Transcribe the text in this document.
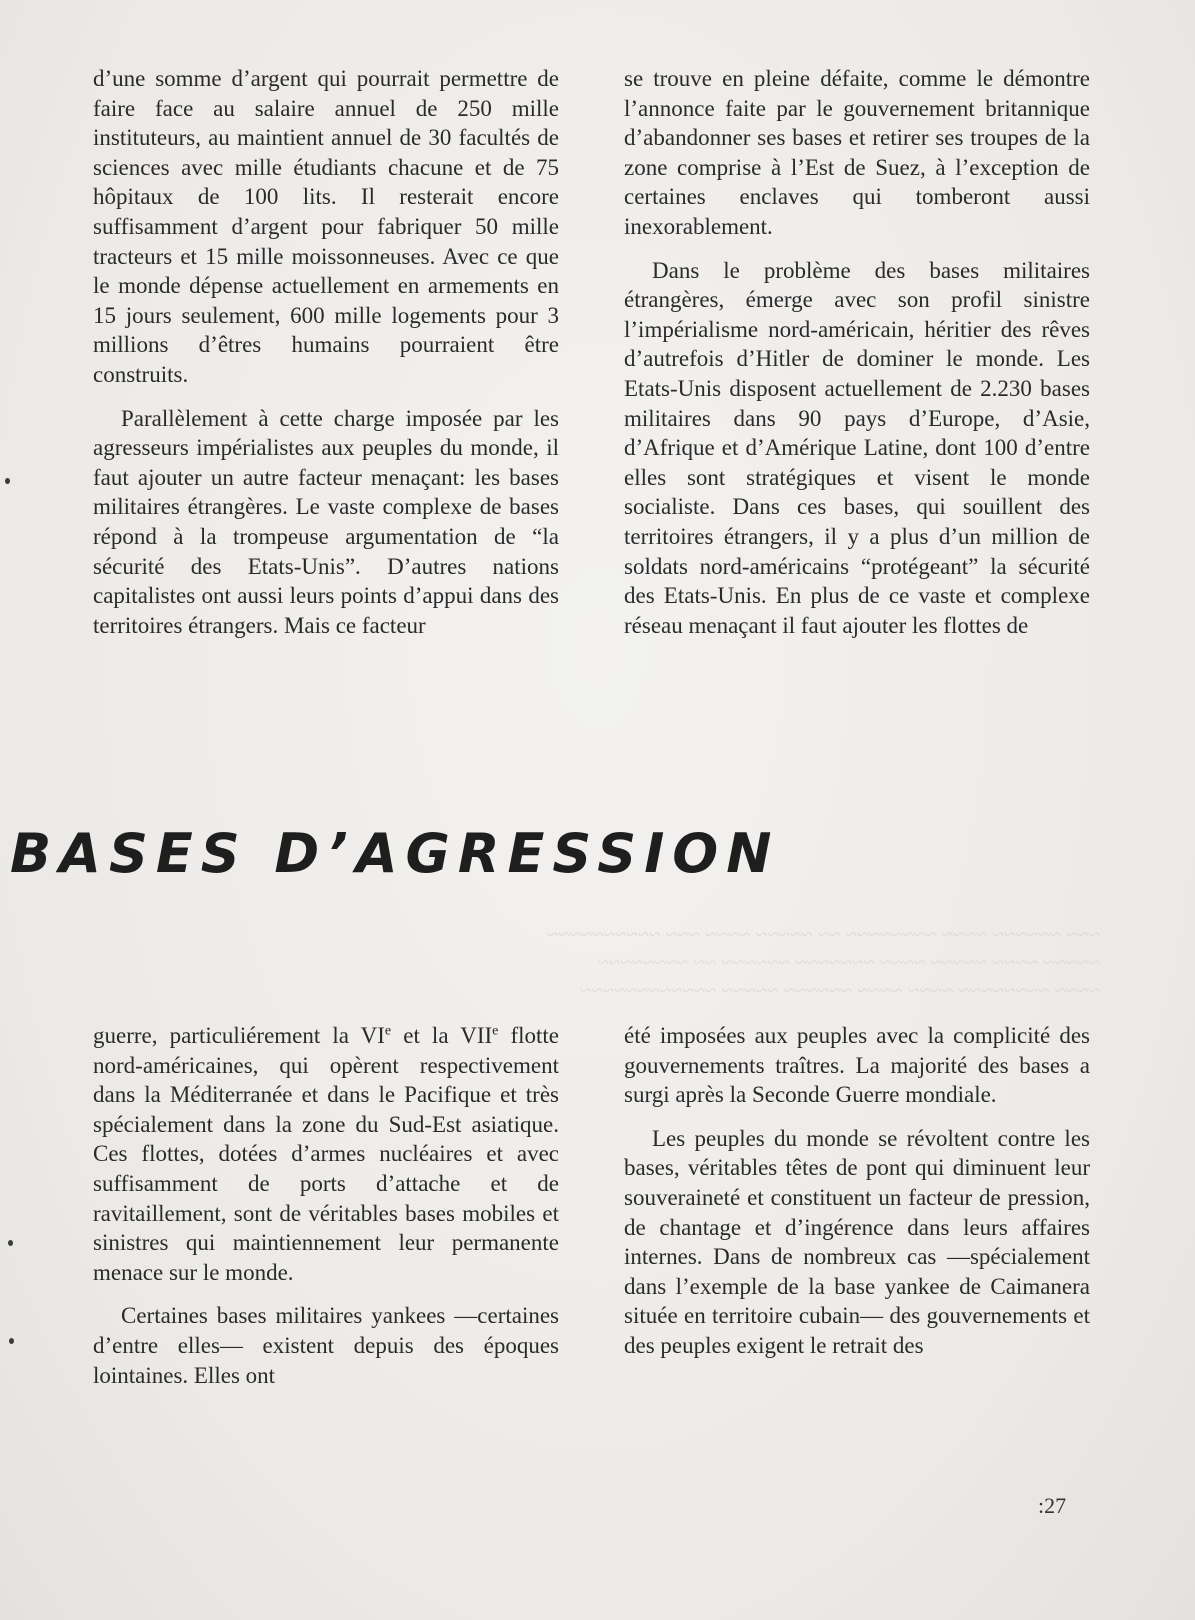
~~~ ~~~~~~ ~~~~ ~~~~~~~~ ~~ ~~~~~ ~~~~ ~~~ ~~~~~~~~~~
~~~~~ ~~~~ ~~~~~ ~~~~ ~~~~~~~ ~~~~~~ ~~ ~~~~~~~~
~~~~ ~~~~~~~~ ~~~~ ~~~~ ~~~~~~ ~~~~~ ~~~~~~~~~~~~

d’une somme d’argent qui pourrait permettre de faire face au salaire annuel de 250 mille instituteurs, au maintient annuel de 30 facultés de sciences avec mille étudiants chacune et de 75 hôpitaux de 100 lits. Il resterait encore suffisamment d’argent pour fabriquer 50 mille tracteurs et 15 mille moissonneuses. Avec ce que le monde dépense actuellement en armements en 15 jours seulement, 600 mille logements pour 3 millions d’êtres humains pourraient être construits.

Parallèlement à cette charge imposée par les agresseurs impérialistes aux peuples du monde, il faut ajouter un autre facteur menaçant: les bases militaires étrangères. Le vaste complexe de bases répond à la trompeuse argumentation de “la sécurité des Etats-Unis”. D’autres nations capitalistes ont aussi leurs points d’appui dans des territoires étrangers. Mais ce facteur

se trouve en pleine défaite, comme le démontre l’annonce faite par le gouvernement britannique d’abandonner ses bases et retirer ses troupes de la zone comprise à l’Est de Suez, à l’exception de certaines enclaves qui tomberont aussi inexorablement.

Dans le problème des bases militaires étrangères, émerge avec son profil sinistre l’impérialisme nord-américain, héritier des rêves d’autrefois d’Hitler de dominer le monde. Les Etats-Unis disposent actuellement de 2.230 bases militaires dans 90 pays d’Europe, d’Asie, d’Afrique et d’Amérique Latine, dont 100 d’entre elles sont stratégiques et visent le monde socialiste. Dans ces bases, qui souillent des territoires étrangers, il y a plus d’un million de soldats nord-américains “protégeant” la sécurité des Etats-Unis. En plus de ce vaste et complexe réseau menaçant il faut ajouter les flottes de

BASES D’AGRESSION

guerre, particuliérement la VIe et la VIIe flotte nord-américaines, qui opèrent respectivement dans la Méditerranée et dans le Pacifique et très spécialement dans la zone du Sud-Est asiatique. Ces flottes, dotées d’armes nucléaires et avec suffisamment de ports d’attache et de ravitaillement, sont de véritables bases mobiles et sinistres qui maintiennement leur permanente menace sur le monde.

Certaines bases militaires yankees —certaines d’entre elles— existent depuis des époques lointaines. Elles ont

été imposées aux peuples avec la complicité des gouvernements traîtres. La majorité des bases a surgi après la Seconde Guerre mondiale.

Les peuples du monde se révoltent contre les bases, véritables têtes de pont qui diminuent leur souveraineté et constituent un facteur de pression, de chantage et d’ingérence dans leurs affaires internes. Dans de nombreux cas —spécialement dans l’exemple de la base yankee de Caimanera située en territoire cubain— des gouvernements et des peuples exigent le retrait des

:27
